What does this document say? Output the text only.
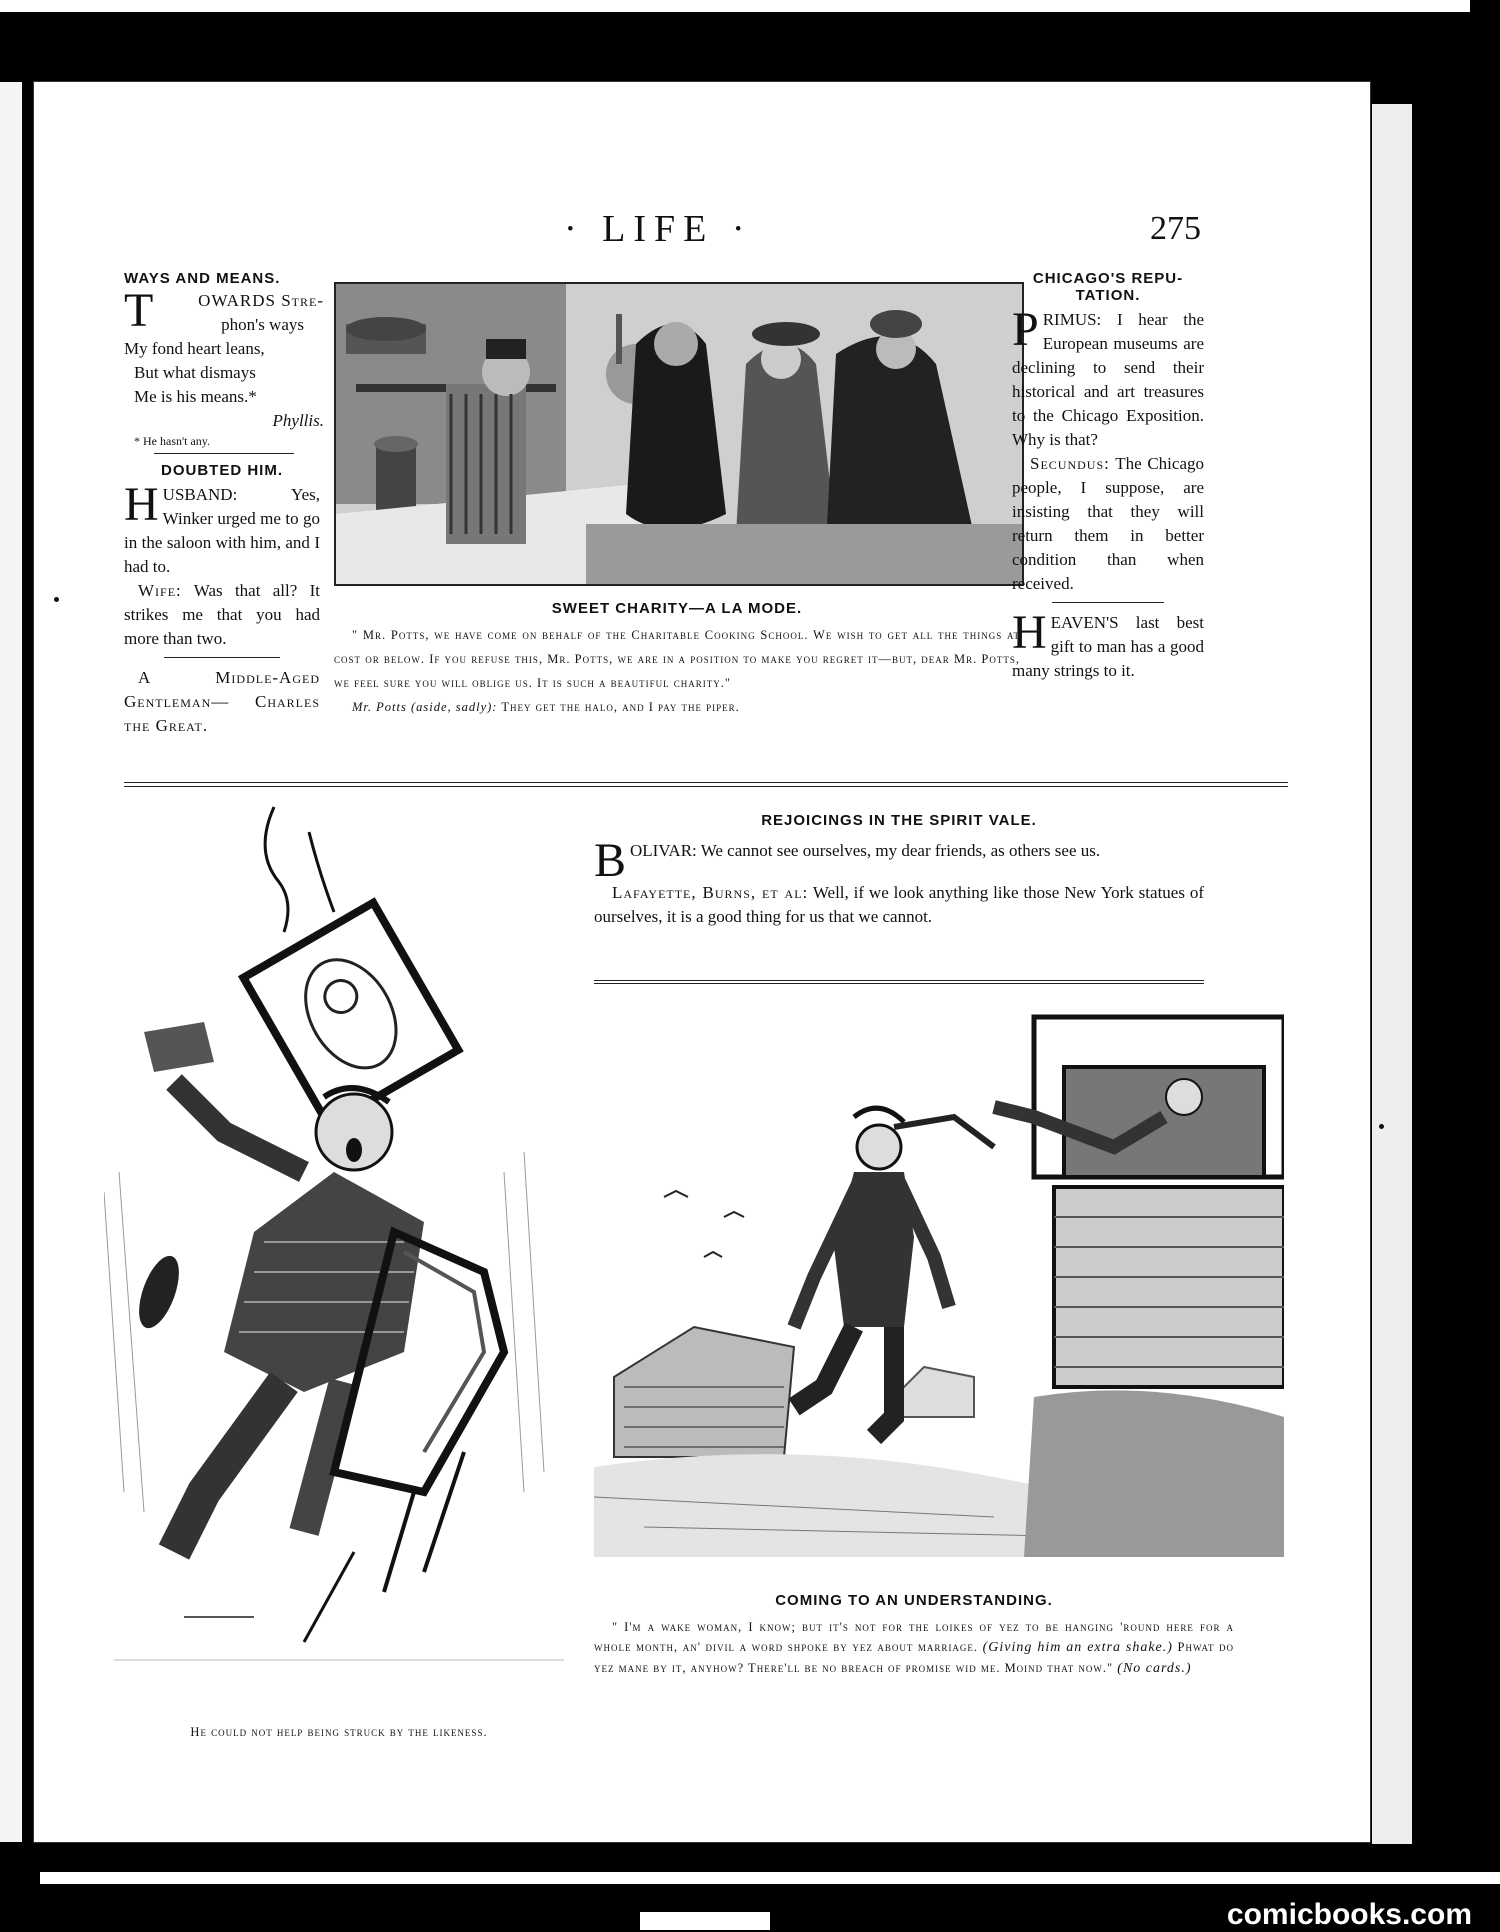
· LIFE ·	275
WAYS AND MEANS.
T	OWARDS Stre-
phon's ways
My fond heart leans,
But what dismays
Me is his means.*
Phyllis.
* He hasn't any.
DOUBTED HIM.
HUSBAND: Yes, Winker urged me to go in the saloon with him, and I had to.
Wife: Was that all? It strikes me that you had more than two.
A Middle-Aged Gentleman— Charles the Great.
SWEET CHARITY—A LA MODE.
" Mr. Potts, we have come on behalf of the Charitable Cooking School. We wish to get all the things at cost or below. If you refuse this, Mr. Potts, we are in a position to make you regret it—but, dear Mr. Potts, we feel sure you will oblige us. It is such a beautiful charity."
Mr. Potts (aside, sadly): They get the halo, and I pay the piper.
CHICAGO'S REPU-
TATION.
PRIMUS: I hear the European museums are declining to send their historical and art treasures to the Chicago Exposition. Why is that?
Secundus: The Chicago people, I suppose, are insisting that they will return them in better condition than when received.
HEAVEN'S last best gift to man has a good many strings to it.
REJOICINGS IN THE SPIRIT VALE.
BOLIVAR: We cannot see ourselves, my dear friends, as others see us.
Lafayette, Burns, et al: Well, if we look anything like those New York statues of ourselves, it is a good thing for us that we cannot.
He could not help being struck by the likeness.
COMING TO AN UNDERSTANDING.
" I'm a wake woman, I know; but it's not for the loikes of yez to be hanging 'round here for a whole month, an' divil a word shpoke by yez about marriage. (Giving him an extra shake.) Phwat do yez mane by it, anyhow? There'll be no breach of promise wid me. Moind that now." (No cards.)
comicbooks.com
